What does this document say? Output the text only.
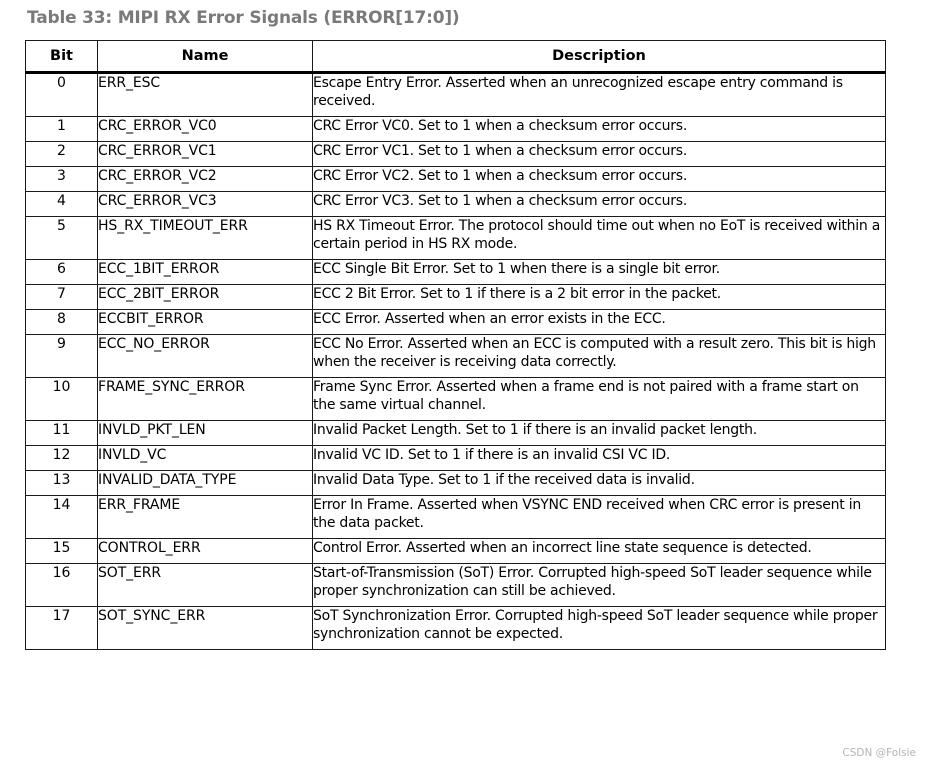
Table 33: MIPI RX Error Signals (ERROR[17:0])
Bit	Name	Description
0	ERR_ESC	Escape Entry Error. Asserted when an unrecognized escape entry command is received.
1	CRC_ERROR_VC0	CRC Error VC0. Set to 1 when a checksum error occurs.
2	CRC_ERROR_VC1	CRC Error VC1. Set to 1 when a checksum error occurs.
3	CRC_ERROR_VC2	CRC Error VC2. Set to 1 when a checksum error occurs.
4	CRC_ERROR_VC3	CRC Error VC3. Set to 1 when a checksum error occurs.
5	HS_RX_TIMEOUT_ERR	HS RX Timeout Error. The protocol should time out when no EoT is received within a certain period in HS RX mode.
6	ECC_1BIT_ERROR	ECC Single Bit Error. Set to 1 when there is a single bit error.
7	ECC_2BIT_ERROR	ECC 2 Bit Error. Set to 1 if there is a 2 bit error in the packet.
8	ECCBIT_ERROR	ECC Error. Asserted when an error exists in the ECC.
9	ECC_NO_ERROR	ECC No Error. Asserted when an ECC is computed with a result zero. This bit is high when the receiver is receiving data correctly.
10	FRAME_SYNC_ERROR	Frame Sync Error. Asserted when a frame end is not paired with a frame start on the same virtual channel.
11	INVLD_PKT_LEN	Invalid Packet Length. Set to 1 if there is an invalid packet length.
12	INVLD_VC	Invalid VC ID. Set to 1 if there is an invalid CSI VC ID.
13	INVALID_DATA_TYPE	Invalid Data Type. Set to 1 if the received data is invalid.
14	ERR_FRAME	Error In Frame. Asserted when VSYNC END received when CRC error is present in the data packet.
15	CONTROL_ERR	Control Error. Asserted when an incorrect line state sequence is detected.
16	SOT_ERR	Start-of-Transmission (SoT) Error. Corrupted high-speed SoT leader sequence while proper synchronization can still be achieved.
17	SOT_SYNC_ERR	SoT Synchronization Error. Corrupted high-speed SoT leader sequence while proper synchronization cannot be expected.
CSDN @Folsie
